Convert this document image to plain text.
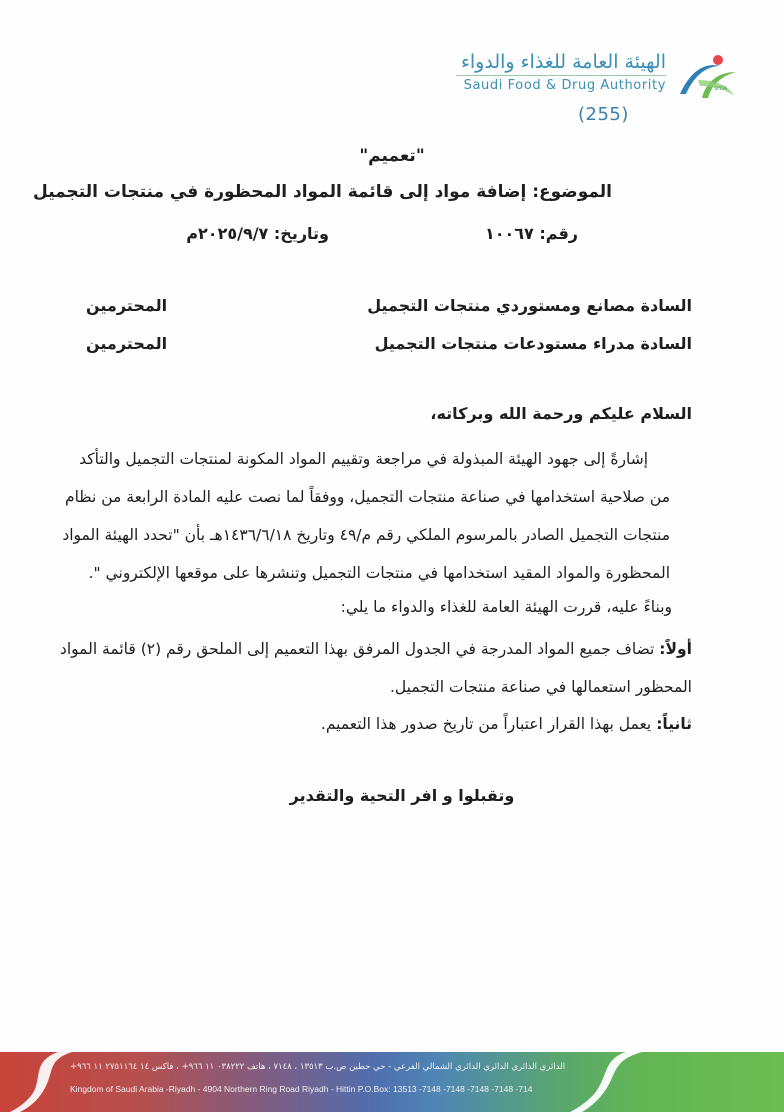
الهيئة العامة للغذاء والدواء
Saudi Food & Drug Authority	SFDA
(255)
"تعميم"
الموضوع: إضافة مواد إلى قائمة المواد المحظورة في منتجات التجميل
رقم: ١٠٠٦٧
وتاريخ: ٢٠٢٥/٩/٧م
السادة مصانع ومستوردي منتجات التجميل
المحترمين
السادة مدراء مستودعات منتجات التجميل
المحترمين
السلام عليكم ورحمة الله وبركاته،
إشارةً إلى جهود الهيئة المبذولة في مراجعة وتقييم المواد المكونة لمنتجات التجميل والتأكد
من صلاحية استخدامها في صناعة منتجات التجميل، ووفقاً لما نصت عليه المادة الرابعة من نظام
منتجات التجميل الصادر بالمرسوم الملكي رقم م/٤٩ وتاريخ ١٤٣٦/٦/١٨هـ بأن "تحدد الهيئة المواد
المحظورة والمواد المقيد استخدامها في منتجات التجميل وتنشرها على موقعها الإلكتروني ".
وبناءً عليه، قررت الهيئة العامة للغذاء والدواء ما يلي:
أولاً: تضاف جميع المواد المدرجة في الجدول المرفق بهذا التعميم إلى الملحق رقم (٢) قائمة المواد
المحظور استعمالها في صناعة منتجات التجميل.
ثانياً: يعمل بهذا القرار اعتباراً من تاريخ صدور هذا التعميم.
وتقبلوا و افر التحية والتقدير
الدائري الدائري الدائري الدائري الشمالي الفرعي - حي حطين ص.ب ١٣٥١٣ ، ٧١٤٨ ، هاتف ٠٣٨٢٢٢ ١١ ٩٦٦+ ، فاكس ١٤ ٢٧٥١١٦٤ ١١ ٩٦٦+
Kingdom of Saudi Arabia -Riyadh - 4904 Northern Ring Road Riyadh - Hittin P.O.Box: 13513 -7148 -7148 -7148 -7148 -714
